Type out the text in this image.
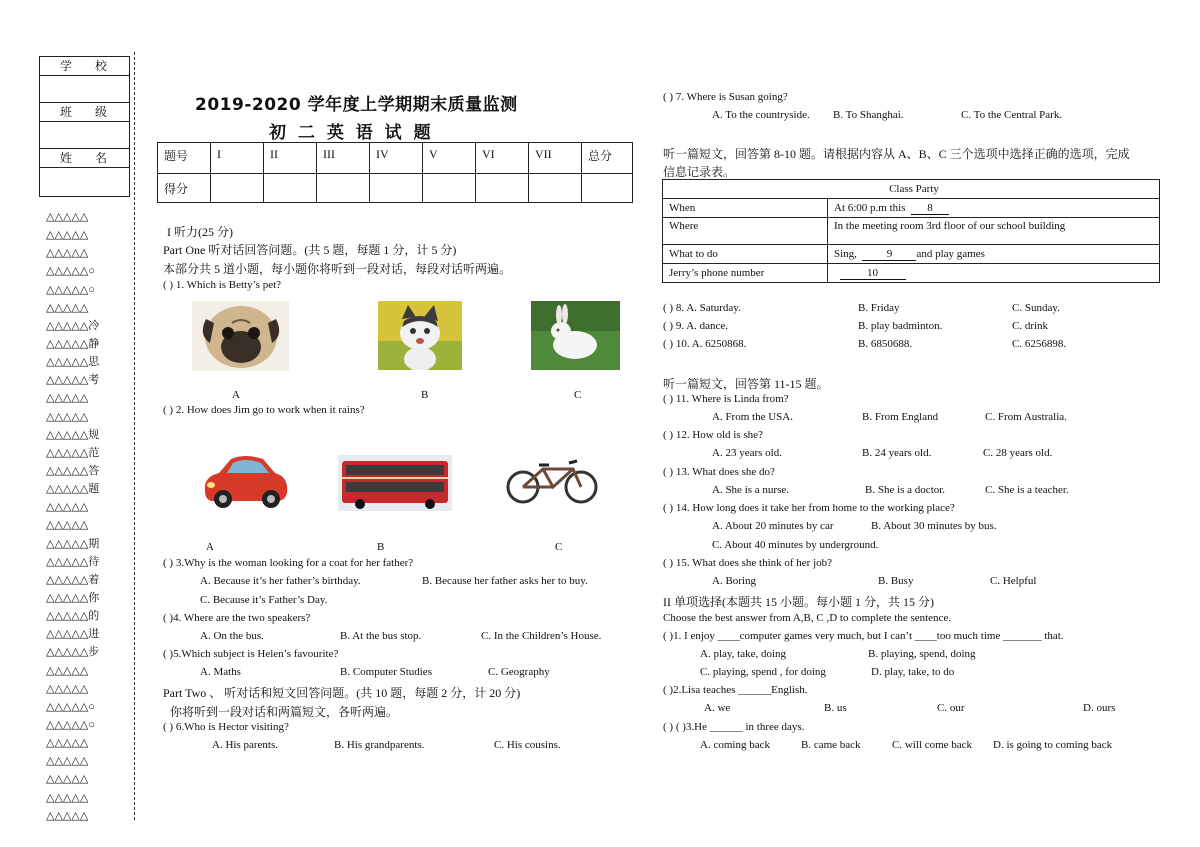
学 校
班 级
姓 名
△△△△△
△△△△△
△△△△△
△△△△△○
△△△△△○
△△△△△
△△△△△冷
△△△△△静
△△△△△思
△△△△△考
△△△△△
△△△△△
△△△△△规
△△△△△范
△△△△△答
△△△△△题
△△△△△
△△△△△
△△△△△期
△△△△△待
△△△△△着
△△△△△你
△△△△△的
△△△△△进
△△△△△步
△△△△△
△△△△△
△△△△△○
△△△△△○
△△△△△
△△△△△
△△△△△
△△△△△
△△△△△
2019-2020 学年度上学期期末质量监测
初 二 英 语 试 题
题号	I	II	III	IV	V	VI	VII	总分
得分								
I 听力(25 分)
Part One 听对话回答问题。(共 5 题，每题 1 分，计 5 分)
本部分共 5 道小题，每小题你将听到一段对话，每段对话听两遍。
( ) 1. Which is Betty’s pet?
A	B	C
( ) 2. How does Jim go to work when it rains?
A	B	C
( ) 3.Why is the woman looking for a coat for her father?
A. Because it’s her father’s birthday.	B. Because her father asks her to buy.
C. Because it’s Father’s Day.
( )4. Where are the two speakers?
A. On the bus.	B. At the bus stop.	C. In the Children’s House.
( )5.Which subject is Helen’s favourite?
A. Maths	B. Computer Studies	C. Geography
Part Two 、 听对话和短文回答问题。(共 10 题，每题 2 分，计 20 分)
你将听到一段对话和两篇短文，各听两遍。
( ) 6.Who is Hector visiting?
A. His parents.	B. His grandparents.	C. His cousins.
( ) 7. Where is Susan going?
A. To the countryside. B. To Shanghai.	C. To the Central Park.
听一篇短文，回答第 8-10 题。请根据内容从 A、B、C 三个选项中选择正确的选项，完成
信息记录表。
Class Party	
When	At 6:00 p.m this 8
Where	In the meeting room 3rd floor of our school building
What to do	Sing, 9 and play games
Jerry’s phone number	10
( ) 8. A. Saturday.	B. Friday	C. Sunday.
( ) 9. A. dance.	B. play badminton.	C. drink
( ) 10. A. 6250868.	B. 6850688.	C. 6256898.
听一篇短文，回答第 11-15 题。
( ) 11. Where is Linda from?
A. From the USA.	B. From England	C. From Australia.
( ) 12. How old is she?
A. 23 years old.	B. 24 years old.	C. 28 years old.
( ) 13. What does she do?
A. She is a nurse.	B. She is a doctor.	C. She is a teacher.
( ) 14. How long does it take her from home to the working place?
A. About 20 minutes by car	B. About 30 minutes by bus.
C. About 40 minutes by underground.
( ) 15. What does she think of her job?
A. Boring	B. Busy	C. Helpful
II 单项选择(本题共 15 小题。每小题 1 分，共 15 分)
Choose the best answer from A,B, C ,D to complete the sentence.
( )1. I enjoy ____computer games very much, but I can’t ____too much time _______ that.
A. play, take, doing	B. playing, spend, doing
C. playing, spend , for doing	D. play, take, to do
( )2.Lisa teaches ______English.
A. we	B. us	C. our	D. ours
( ) ( )3.He ______ in three days.
A. coming back	B. came back	C. will come back D. is going to coming back
